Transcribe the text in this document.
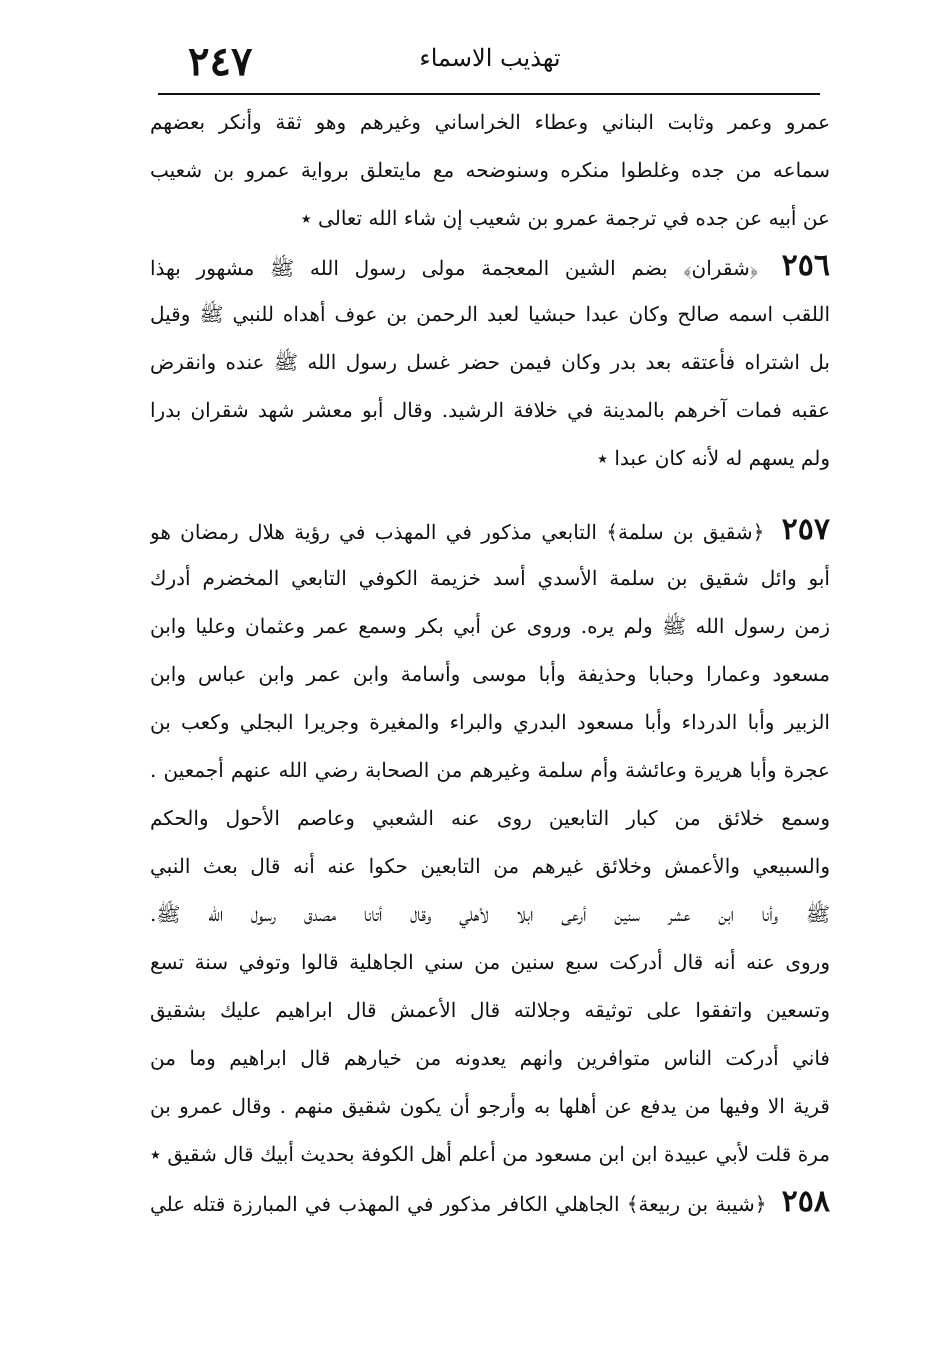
٢٤٧	تهذيب الاسماء
عمرو وعمر وثابت البناني وعطاء الخراساني وغيرهم وهو ثقة وأنكر بعضهم
سماعه من جده وغلطوا منكره وسنوضحه مع مايتعلق برواية عمرو بن شعيب
عن أبيه عن جده في ترجمة عمرو بن شعيب إن شاء الله تعالى ٭
٢٥٦ ﴿شقران﴾ بضم الشين المعجمة مولى رسول الله ﷺ مشهور بهذا
اللقب اسمه صالح وكان عبدا حبشيا لعبد الرحمن بن عوف أهداه للنبي ﷺ وقيل
بل اشتراه فأعتقه بعد بدر وكان فيمن حضر غسل رسول الله ﷺ عنده وانقرض
عقبه فمات آخرهم بالمدينة في خلافة الرشيد. وقال أبو معشر شهد شقران بدرا
ولم يسهم له لأنه كان عبدا ٭
٢٥٧ ﴿شقيق بن سلمة﴾ التابعي مذكور في المهذب في رؤية هلال رمضان هو
أبو وائل شقيق بن سلمة الأسدي أسد خزيمة الكوفي التابعي المخضرم أدرك
زمن رسول الله ﷺ ولم يره. وروى عن أبي بكر وسمع عمر وعثمان وعليا وابن
مسعود وعمارا وحبابا وحذيفة وأبا موسى وأسامة وابن عمر وابن عباس وابن
الزبير وأبا الدرداء وأبا مسعود البدري والبراء والمغيرة وجريرا البجلي وكعب بن
عجرة وأبا هريرة وعائشة وأم سلمة وغيرهم من الصحابة رضي الله عنهم أجمعين .
وسمع خلائق من كبار التابعين روى عنه الشعبي وعاصم الأحول والحكم
والسبيعي والأعمش وخلائق غيرهم من التابعين حكوا عنه أنه قال بعث النبي
ﷺ وأنا ابن عشر سنين أرعى ابلا لأهلي وقال أتانا مصدق رسول الله ﷺ.
وروى عنه أنه قال أدركت سبع سنين من سني الجاهلية قالوا وتوفي سنة تسع
وتسعين واتفقوا على توثيقه وجلالته قال الأعمش قال ابراهيم عليك بشقيق
فاني أدركت الناس متوافرين وانهم يعدونه من خيارهم قال ابراهيم وما من
قرية الا وفيها من يدفع عن أهلها به وأرجو أن يكون شقيق منهم . وقال عمرو بن
مرة قلت لأبي عبيدة ابن ابن مسعود من أعلم أهل الكوفة بحديث أبيك قال شقيق ٭
٢٥٨ ﴿شيبة بن ربيعة﴾ الجاهلي الكافر مذكور في المهذب في المبارزة قتله علي
